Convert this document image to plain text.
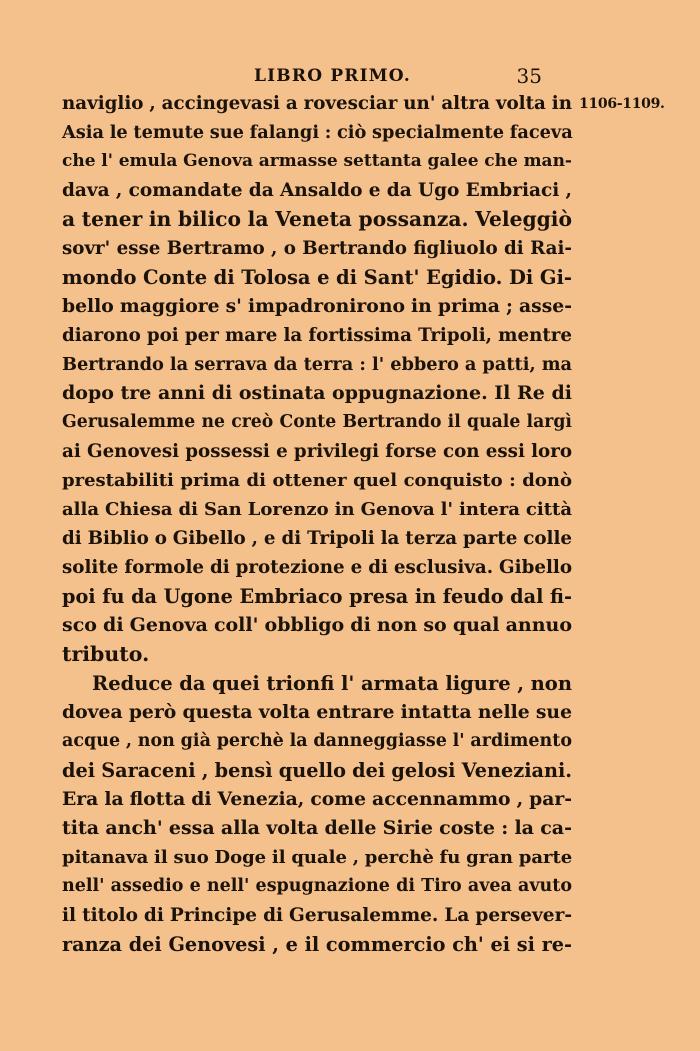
LIBRO PRIMO.	35
1106-1109.
naviglio , accingevasi a rovesciar un' altra volta in
Asia le temute sue falangi : ciò specialmente faceva
che l' emula Genova armasse settanta galee che man-
dava , comandate da Ansaldo e da Ugo Embriaci ,
a tener in bilico la Veneta possanza. Veleggiò
sovr' esse Bertramo , o Bertrando figliuolo di Rai-
mondo Conte di Tolosa e di Sant' Egidio. Di Gi-
bello maggiore s' impadronirono in prima ; asse-
diarono poi per mare la fortissima Tripoli, mentre
Bertrando la serrava da terra : l' ebbero a patti, ma
dopo tre anni di ostinata oppugnazione. Il Re di
Gerusalemme ne creò Conte Bertrando il quale largì
ai Genovesi possessi e privilegi forse con essi loro
prestabiliti prima di ottener quel conquisto : donò
alla Chiesa di San Lorenzo in Genova l' intera città
di Biblio o Gibello , e di Tripoli la terza parte colle
solite formole di protezione e di esclusiva. Gibello
poi fu da Ugone Embriaco presa in feudo dal fi-
sco di Genova coll' obbligo di non so qual annuo
tributo.
Reduce da quei trionfi l' armata ligure , non
dovea però questa volta entrare intatta nelle sue
acque , non già perchè la danneggiasse l' ardimento
dei Saraceni , bensì quello dei gelosi Veneziani.
Era la flotta di Venezia, come accennammo , par-
tita anch' essa alla volta delle Sirie coste : la ca-
pitanava il suo Doge il quale , perchè fu gran parte
nell' assedio e nell' espugnazione di Tiro avea avuto
il titolo di Principe di Gerusalemme. La persever-
ranza dei Genovesi , e il commercio ch' ei si re-
